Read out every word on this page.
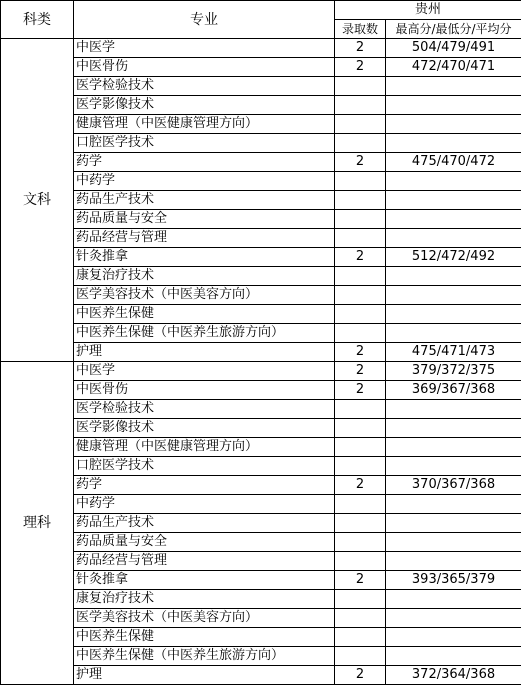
科类	专业	贵州	
		录取数	最高分/最低分/平均分
文科	中医学	2	504/479/491
	中医骨伤	2	472/470/471
	医学检验技术		
	医学影像技术		
	健康管理（中医健康管理方向）		
	口腔医学技术		
	药学	2	475/470/472
	中药学		
	药品生产技术		
	药品质量与安全		
	药品经营与管理		
	针灸推拿	2	512/472/492
	康复治疗技术		
	医学美容技术（中医美容方向）		
	中医养生保健		
	中医养生保健（中医养生旅游方向）		
	护理	2	475/471/473
理科	中医学	2	379/372/375
	中医骨伤	2	369/367/368
	医学检验技术		
	医学影像技术		
	健康管理（中医健康管理方向）		
	口腔医学技术		
	药学	2	370/367/368
	中药学		
	药品生产技术		
	药品质量与安全		
	药品经营与管理		
	针灸推拿	2	393/365/379
	康复治疗技术		
	医学美容技术（中医美容方向）		
	中医养生保健		
	中医养生保健（中医养生旅游方向）		
	护理	2	372/364/368
